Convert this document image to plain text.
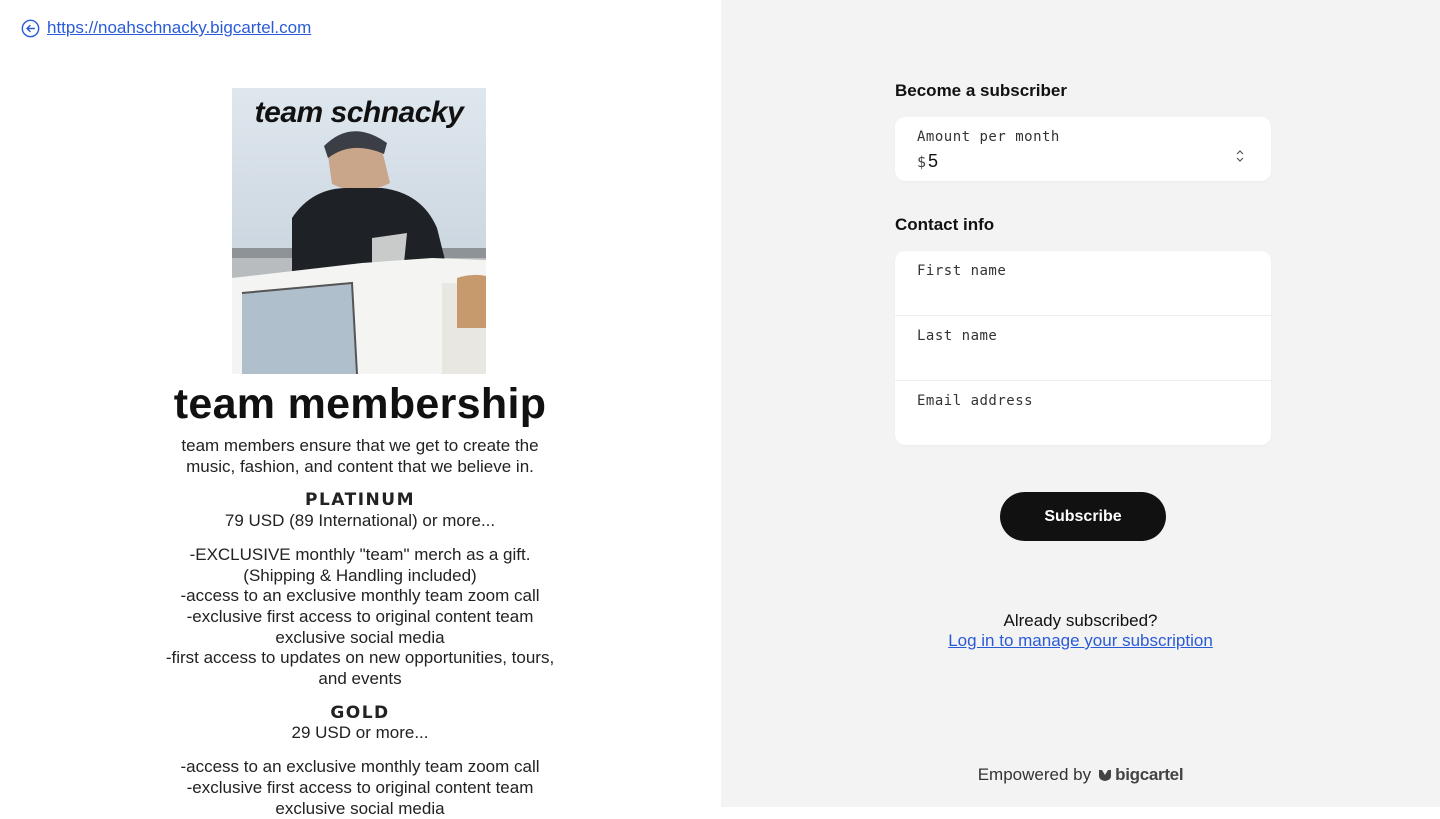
https://noahschnacky.bigcartel.com
team schnacky
team membership

team members ensure that we get to create the music, fashion, and content that we believe in.

PLATINUM

79 USD (89 International) or more...

-EXCLUSIVE monthly "team" merch as a gift. (Shipping & Handling included)

-access to an exclusive monthly team zoom call

-exclusive first access to original content team exclusive social media

-first access to updates on new opportunities, tours, and events

GOLD

29 USD or more...

-access to an exclusive monthly team zoom call

-exclusive first access to original content team exclusive social media

Become a subscriber
Amount per month
$ 5
Contact info
First name
Last name
Email address
Subscribe
Already subscribed?
Log in to manage your subscription
Empowered by bigcartel
